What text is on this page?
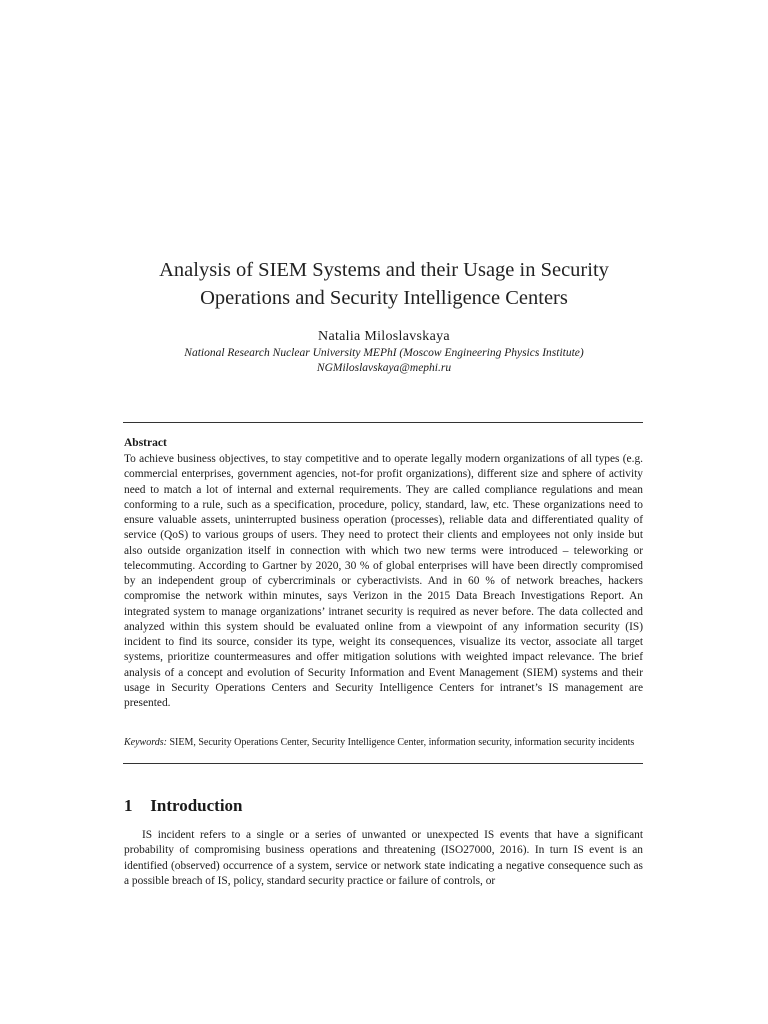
Analysis of SIEM Systems and their Usage in Security
Operations and Security Intelligence Centers
Natalia Miloslavskaya
National Research Nuclear University MEPhI (Moscow Engineering Physics Institute)
NGMiloslavskaya@mephi.ru
Abstract

To achieve business objectives, to stay competitive and to operate legally modern organizations of all types (e.g. commercial enterprises, government agencies, not-for profit organizations), different size and sphere of activity need to match a lot of internal and external requirements. They are called compliance regulations and mean conforming to a rule, such as a specification, procedure, policy, standard, law, etc. These organizations need to ensure valuable assets, uninterrupted business operation (processes), reliable data and differentiated quality of service (QoS) to various groups of users. They need to protect their clients and employees not only inside but also outside organization itself in connection with which two new terms were introduced – teleworking or telecommuting. According to Gartner by 2020, 30 % of global enterprises will have been directly compromised by an independent group of cybercriminals or cyberactivists. And in 60 % of network breaches, hackers compromise the network within minutes, says Verizon in the 2015 Data Breach Investigations Report. An integrated system to manage organizations’ intranet security is required as never before. The data collected and analyzed within this system should be evaluated online from a viewpoint of any information security (IS) incident to find its source, consider its type, weight its consequences, visualize its vector, associate all target systems, prioritize countermeasures and offer mitigation solutions with weighted impact relevance. The brief analysis of a concept and evolution of Security Information and Event Management (SIEM) systems and their usage in Security Operations Centers and Security Intelligence Centers for intranet’s IS management are presented.

Keywords: SIEM, Security Operations Center, Security Intelligence Center, information security, information security incidents

1 Introduction

IS incident refers to a single or a series of unwanted or unexpected IS events that have a significant probability of compromising business operations and threatening (ISO27000, 2016). In turn IS event is an identified (observed) occurrence of a system, service or network state indicating a negative consequence such as a possible breach of IS, policy, standard security practice or failure of controls, or
